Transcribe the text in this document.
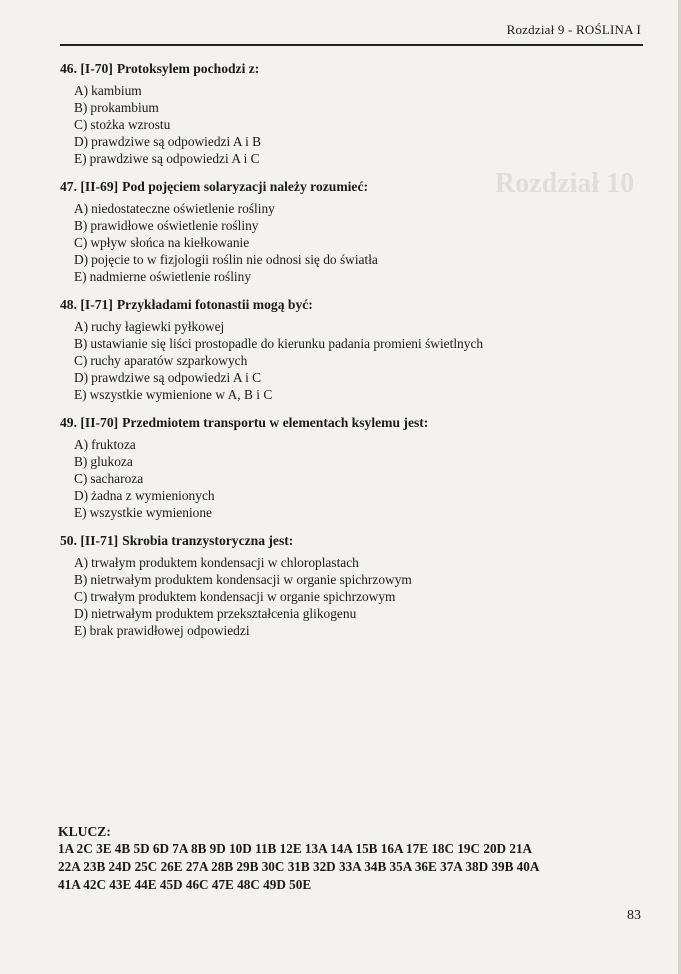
Rozdział 10
Rozdział 9 - ROŚLINA I

46. [I-70] Protoksylem pochodzi z:

A) kambium
B) prokambium
C) stożka wzrostu
D) prawdziwe są odpowiedzi A i B
E) prawdziwe są odpowiedzi A i C

47. [II-69] Pod pojęciem solaryzacji należy rozumieć:

A) niedostateczne oświetlenie rośliny
B) prawidłowe oświetlenie rośliny
C) wpływ słońca na kiełkowanie
D) pojęcie to w fizjologii roślin nie odnosi się do światła
E) nadmierne oświetlenie rośliny

48. [I-71] Przykładami fotonastii mogą być:

A) ruchy łagiewki pyłkowej
B) ustawianie się liści prostopadle do kierunku padania promieni świetlnych
C) ruchy aparatów szparkowych
D) prawdziwe są odpowiedzi A i C
E) wszystkie wymienione w A, B i C

49. [II-70] Przedmiotem transportu w elementach ksylemu jest:

A) fruktoza
B) glukoza
C) sacharoza
D) żadna z wymienionych
E) wszystkie wymienione

50. [II-71] Skrobia tranzystoryczna jest:

A) trwałym produktem kondensacji w chloroplastach
B) nietrwałym produktem kondensacji w organie spichrzowym
C) trwałym produktem kondensacji w organie spichrzowym
D) nietrwałym produktem przekształcenia glikogenu
E) brak prawidłowej odpowiedzi

KLUCZ:

1A 2C 3E 4B 5D 6D 7A 8B 9D 10D 11B 12E 13A 14A 15B 16A 17E 18C 19C 20D 21A

22A 23B 24D 25C 26E 27A 28B 29B 30C 31B 32D 33A 34B 35A 36E 37A 38D 39B 40A

41A 42C 43E 44E 45D 46C 47E 48C 49D 50E

83
